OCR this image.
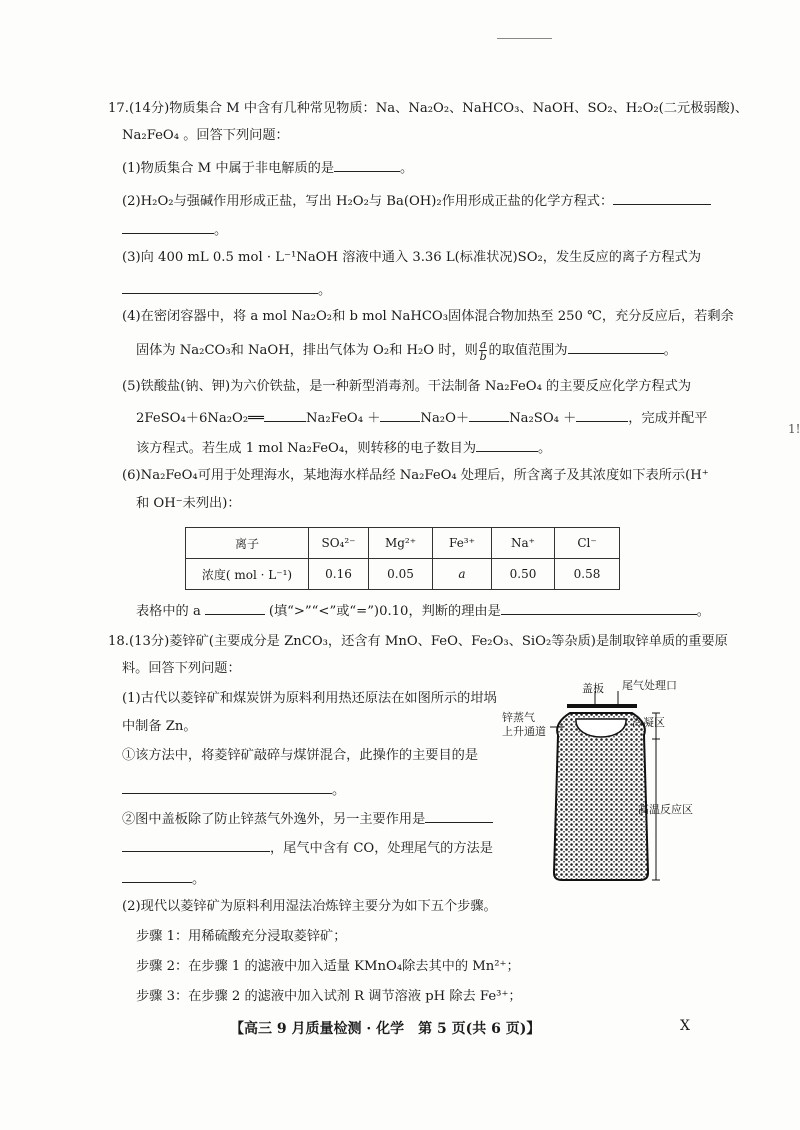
17.(14分)物质集合 M 中含有几种常见物质：Na、Na₂O₂、NaHCO₃、NaOH、SO₂、H₂O₂(二元极弱酸)、
Na₂FeO₄ 。回答下列问题：
(1)物质集合 M 中属于非电解质的是	。
(2)H₂O₂与强碱作用形成正盐，写出 H₂O₂与 Ba(OH)₂作用形成正盐的化学方程式：
。
(3)向 400 mL 0.5 mol · L⁻¹NaOH 溶液中通入 3.36 L(标准状况)SO₂，发生反应的离子方程式为
。
(4)在密闭容器中，将 a mol Na₂O₂和 b mol NaHCO₃固体混合物加热至 250 ℃，充分反应后，若剩余
固体为 Na₂CO₃和 NaOH，排出气体为 O₂和 H₂O 时，则 $\frac{a}{b}$ 的取值范围为	。
(5)铁酸盐(钠、钾)为六价铁盐，是一种新型消毒剂。干法制备 Na₂FeO₄ 的主要反应化学方程式为
2FeSO₄＋6Na₂O₂══	Na₂FeO₄ ＋	Na₂O＋	Na₂SO₄ ＋	，完成并配平
该方程式。若生成 1 mol Na₂FeO₄，则转移的电子数目为	。
(6)Na₂FeO₄可用于处理海水，某地海水样品经 Na₂FeO₄ 处理后，所含离子及其浓度如下表所示(H⁺
和 OH⁻未列出)：
离子	SO₄²⁻	Mg²⁺	Fe³⁺	Na⁺	Cl⁻
浓度( mol · L⁻¹)	0.16	0.05	a	0.50	0.58
表格中的 a	(填“>”“<”或“=”)0.10，判断的理由是	。
18.(13分)菱锌矿(主要成分是 ZnCO₃，还含有 MnO、FeO、Fe₂O₃、SiO₂等杂质)是制取锌单质的重要原
料。回答下列问题：
(1)古代以菱锌矿和煤炭饼为原料利用热还原法在如图所示的坩埚
中制备 Zn。
①该方法中，将菱锌矿敲碎与煤饼混合，此操作的主要目的是
。
②图中盖板除了防止锌蒸气外逸外，另一主要作用是
，尾气中含有 CO，处理尾气的方法是
。
盖板 尾气处理口
锌蒸气
上升通道
冷凝区
高温反应区
(2)现代以菱锌矿为原料利用湿法冶炼锌主要分为如下五个步骤。
步骤 1：用稀硫酸充分浸取菱锌矿；
步骤 2：在步骤 1 的滤液中加入适量 KMnO₄除去其中的 Mn²⁺；
步骤 3：在步骤 2 的滤液中加入试剂 R 调节溶液 pH 除去 Fe³⁺；
【高三 9 月质量检测 · 化学　第 5 页(共 6 页)】	X
1!
